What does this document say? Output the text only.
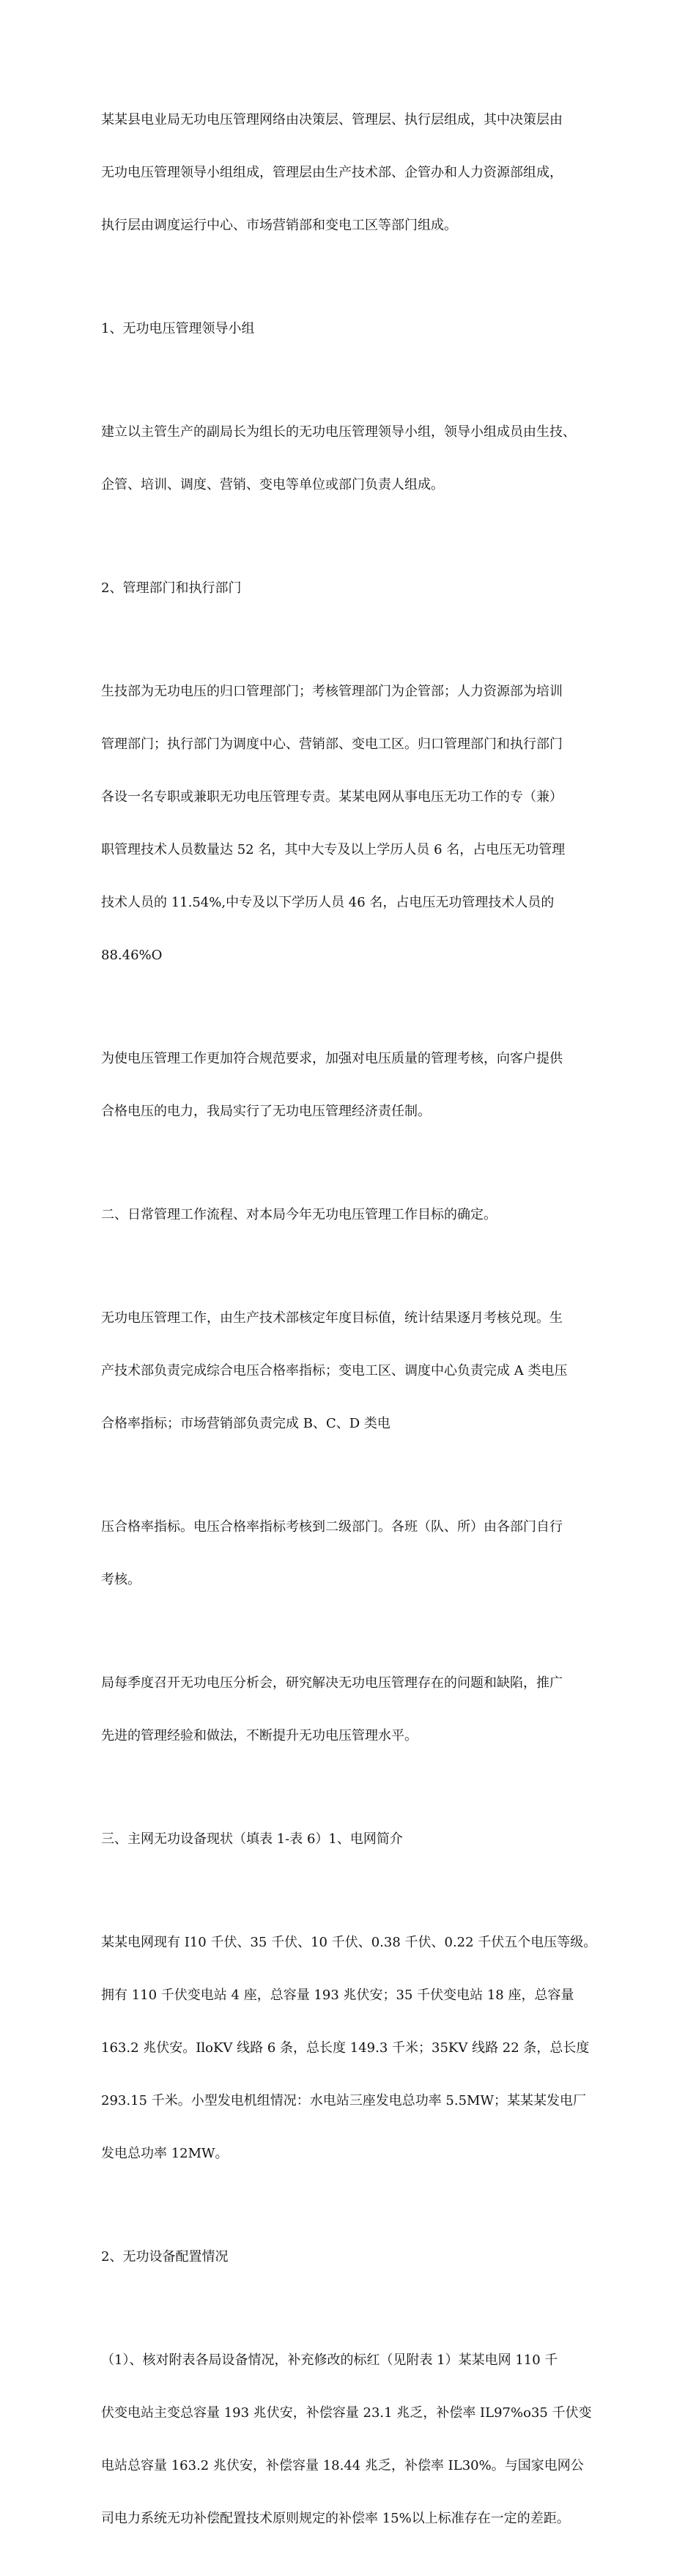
某某县电业局无功电压管理网络由决策层、管理层、执行层组成，其中决策层由

无功电压管理领导小组组成，管理层由生产技术部、企管办和人力资源部组成，

执行层由调度运行中心、市场营销部和变电工区等部门组成。

1、无功电压管理领导小组

建立以主管生产的副局长为组长的无功电压管理领导小组，领导小组成员由生技、

企管、培训、调度、营销、变电等单位或部门负责人组成。

2、管理部门和执行部门

生技部为无功电压的归口管理部门；考核管理部门为企管部；人力资源部为培训

管理部门；执行部门为调度中心、营销部、变电工区。归口管理部门和执行部门

各设一名专职或兼职无功电压管理专责。某某电网从事电压无功工作的专（兼）

职管理技术人员数量达 52 名，其中大专及以上学历人员 6 名，占电压无功管理

技术人员的 11.54%,中专及以下学历人员 46 名，占电压无功管理技术人员的

88.46%O

为使电压管理工作更加符合规范要求，加强对电压质量的管理考核，向客户提供

合格电压的电力，我局实行了无功电压管理经济责任制。

二、日常管理工作流程、对本局今年无功电压管理工作目标的确定。

无功电压管理工作，由生产技术部核定年度目标值，统计结果逐月考核兑现。生

产技术部负责完成综合电压合格率指标；变电工区、调度中心负责完成 A 类电压

合格率指标；市场营销部负责完成 B、C、D 类电

压合格率指标。电压合格率指标考核到二级部门。各班（队、所）由各部门自行

考核。

局每季度召开无功电压分析会，研究解决无功电压管理存在的问题和缺陷，推广

先进的管理经验和做法，不断提升无功电压管理水平。

三、主网无功设备现状（填表 1-表 6）1、电网简介

某某电网现有 I10 千伏、35 千伏、10 千伏、0.38 千伏、0.22 千伏五个电压等级。

拥有 110 千伏变电站 4 座，总容量 193 兆伏安；35 千伏变电站 18 座，总容量

163.2 兆伏安。IloKV 线路 6 条，总长度 149.3 千米；35KV 线路 22 条，总长度

293.15 千米。小型发电机组情况：水电站三座发电总功率 5.5MW；某某某发电厂

发电总功率 12MW。

2、无功设备配置情况

（1）、核对附表各局设备情况，补充修改的标红（见附表 1）某某电网 110 千

伏变电站主变总容量 193 兆伏安，补偿容量 23.1 兆乏，补偿率 IL97%o35 千伏变

电站总容量 163.2 兆伏安，补偿容量 18.44 兆乏，补偿率 IL30%。与国家电网公

司电力系统无功补偿配置技术原则规定的补偿率 15%以上标准存在一定的差距。
